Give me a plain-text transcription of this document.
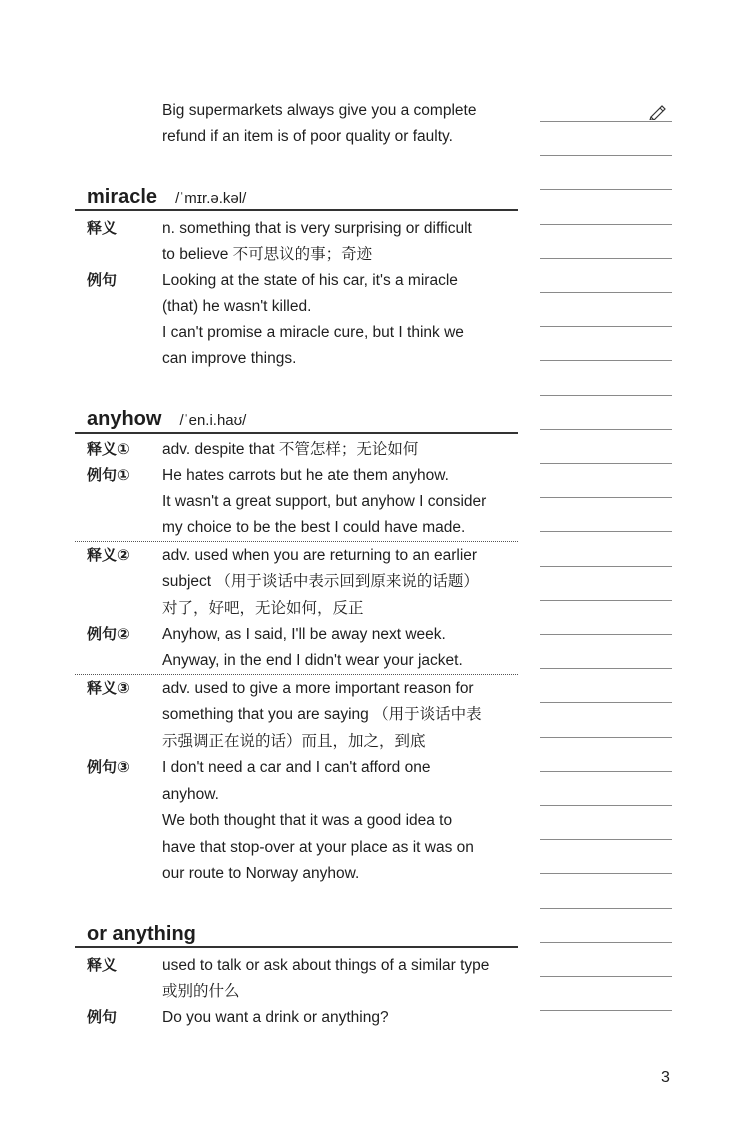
Big supermarkets always give you a complete
refund if an item is of poor quality or faulty.
miracle /ˈmɪr.ə.kəl/
释义	n. something that is very surprising or difficult
to believe 不可思议的事；奇迹
例句	Looking at the state of his car, it's a miracle
(that) he wasn't killed.
I can't promise a miracle cure, but I think we
can improve things.
anyhow /ˈen.i.haʊ/
释义① adv. despite that 不管怎样；无论如何
例句① He hates carrots but he ate them anyhow.
It wasn't a great support, but anyhow I consider
my choice to be the best I could have made.
释义② adv. used when you are returning to an earlier
subject （用于谈话中表示回到原来说的话题）
对了，好吧，无论如何，反正
例句② Anyhow, as I said, I'll be away next week.
Anyway, in the end I didn't wear your jacket.
释义③ adv. used to give a more important reason for
something that you are saying （用于谈话中表
示强调正在说的话）而且，加之，到底
例句③ I don't need a car and I can't afford one
anyhow.
We both thought that it was a good idea to
have that stop-over at your place as it was on
our route to Norway anyhow.
or anything
释义	used to talk or ask about things of a similar type
或别的什么
例句	Do you want a drink or anything?
3
